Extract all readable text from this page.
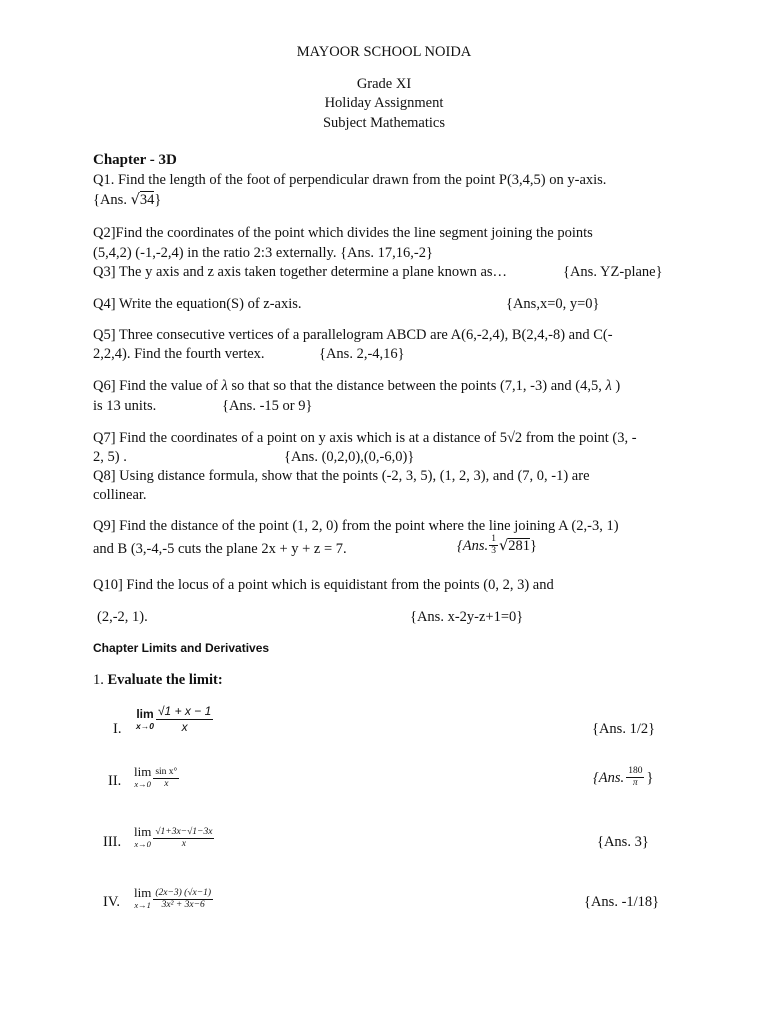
MAYOOR SCHOOL NOIDA
Grade XI
Holiday Assignment
Subject Mathematics
Chapter - 3D
Q1. Find the length of the foot of perpendicular drawn from the point P(3,4,5) on y-axis.
{Ans. √34}
Q2]Find the coordinates of the point which divides the line segment joining the points
(5,4,2) (-1,-2,4) in the ratio 2:3 externally. {Ans. 17,16,-2}
Q3] The y axis and z axis taken together determine a plane known as…	{Ans. YZ-plane}
Q4] Write the equation(S) of z-axis.	{Ans,x=0, y=0}
Q5] Three consecutive vertices of a parallelogram ABCD are A(6,-2,4), B(2,4,-8) and C(-
2,2,4). Find the fourth vertex.	{Ans. 2,-4,16}
Q6] Find the value of λ so that so that the distance between the points (7,1, -3) and (4,5, λ )
is 13 units.	{Ans. -15 or 9}
Q7] Find the coordinates of a point on y axis which is at a distance of 5√2 from the point (3, -
2, 5) .	{Ans. (0,2,0),(0,-6,0)}
Q8] Using distance formula, show that the points (-2, 3, 5), (1, 2, 3), and (7, 0, -1) are
collinear.
Q9] Find the distance of the point (1, 2, 0) from the point where the line joining A (2,-3, 1)
and B (3,-4,-5 cuts the plane 2x + y + z = 7.	{Ans. $\frac{1}{3}$ √ 281 }
Q10] Find the locus of a point which is equidistant from the points (0, 2, 3) and
(2,-2, 1).	{Ans. x-2y-z+1=0}
Chapter Limits and Derivatives
1. Evaluate the limit:
I.
lim
$x\to 0 \frac{√1 + x - 1}{x}$	{Ans. 1/2}
II.
lim
$x\to 0 \frac{\text{sin x°}}{x}$	{Ans. $\frac{180}{\pi}$ }
III.
lim
$x\to 0 \frac{√1+3x-√1-3x}{x}$	{Ans. 3}
IV.
lim
$x\to 1 \frac{(2x-3) (√x-1)}{\text{3x² + 3x−6}}$	{Ans. -1/18}
